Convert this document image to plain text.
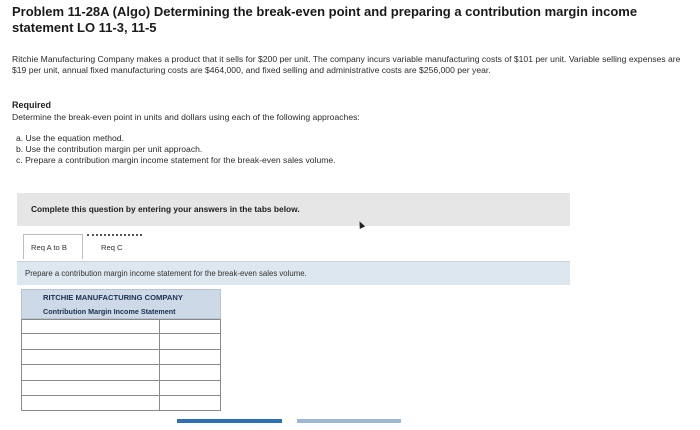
Problem 11-28A (Algo) Determining the break-even point and preparing a contribution margin income statement LO 11-3, 11-5
Ritchie Manufacturing Company makes a product that it sells for $200 per unit. The company incurs variable manufacturing costs of $101 per unit. Variable selling expenses are $19 per unit, annual fixed manufacturing costs are $464,000, and fixed selling and administrative costs are $256,000 per year.
Required
Determine the break-even point in units and dollars using each of the following approaches:
a. Use the equation method.
b. Use the contribution margin per unit approach.
c. Prepare a contribution margin income statement for the break-even sales volume.
Complete this question by entering your answers in the tabs below.
Req A to B	Req C
Prepare a contribution margin income statement for the break-even sales volume.
RITCHIE MANUFACTURING COMPANY
Contribution Margin Income Statement
